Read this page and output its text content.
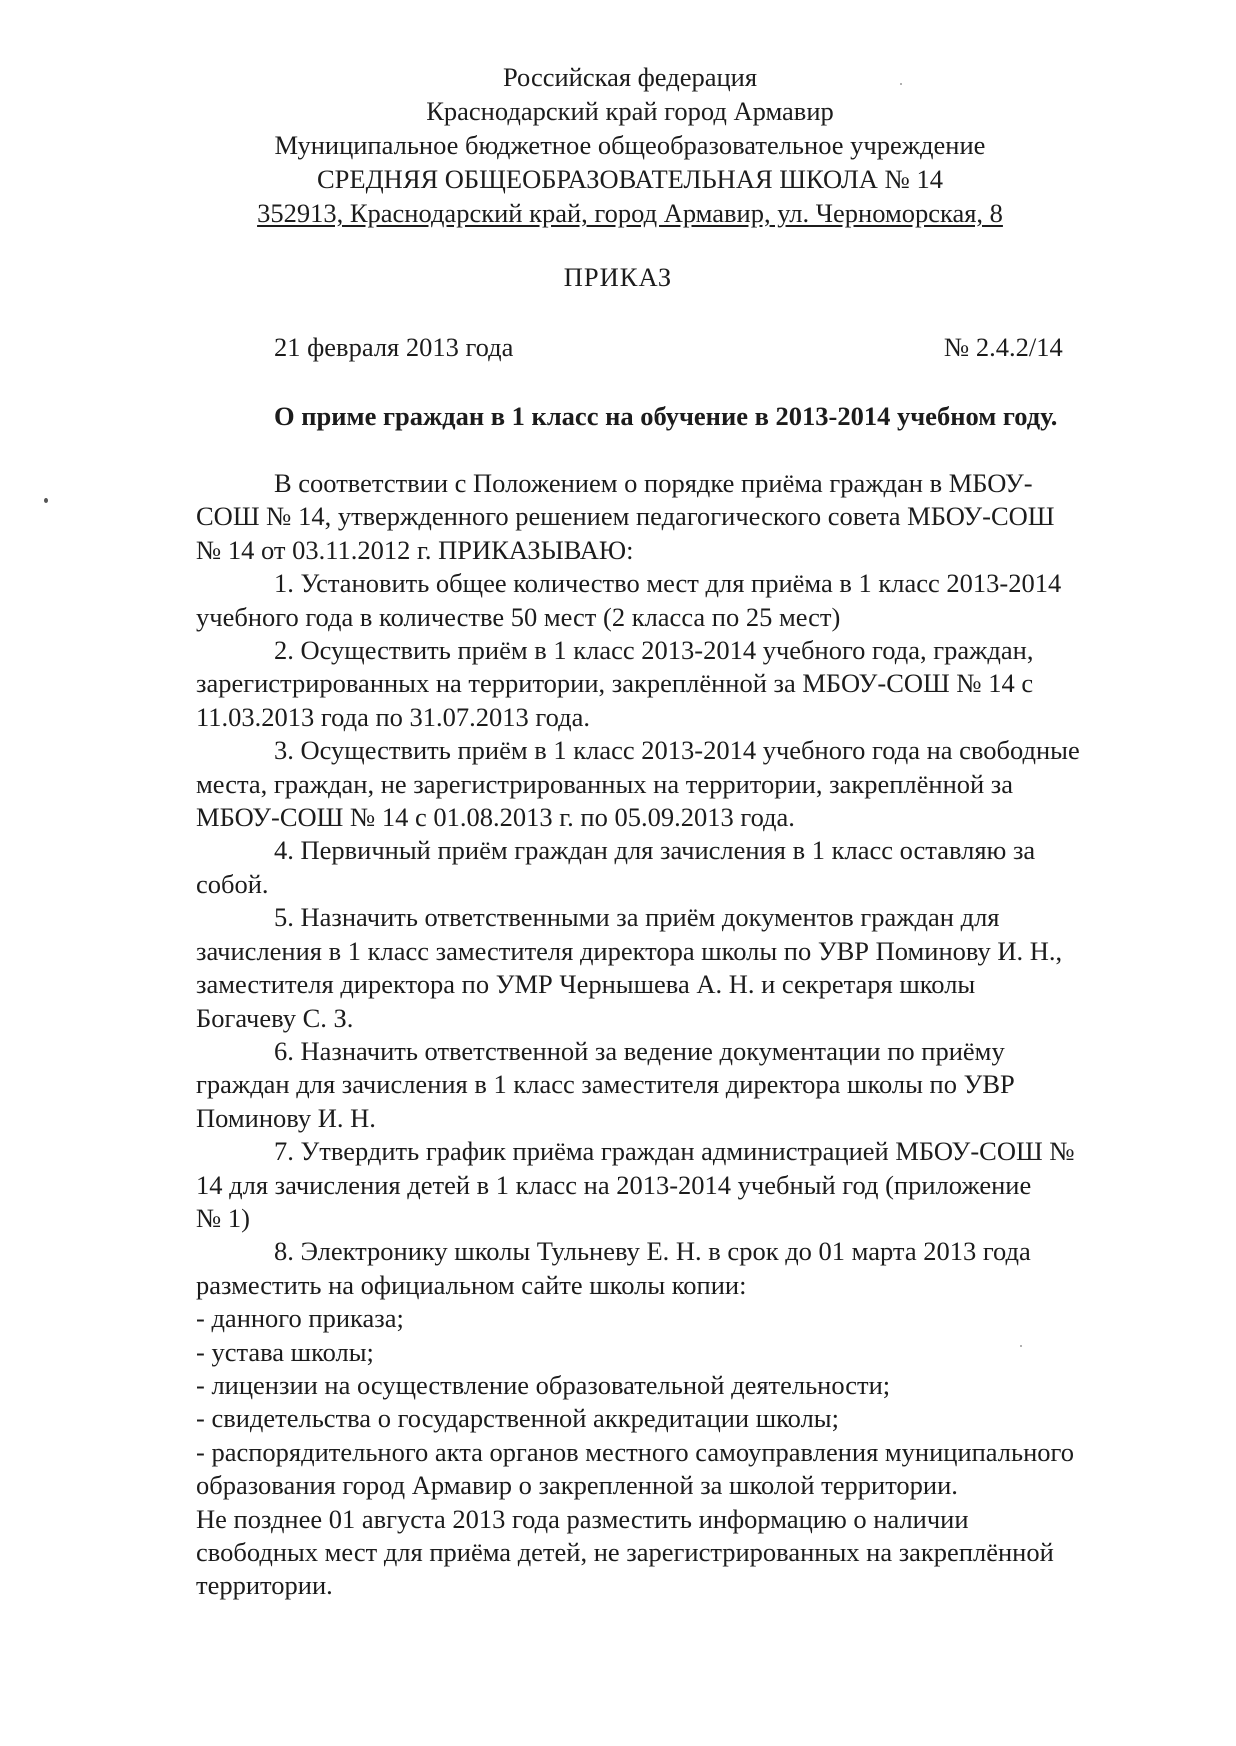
Российская федерация
Краснодарский край город Армавир
Муниципальное бюджетное общеобразовательное учреждение
СРЕДНЯЯ ОБЩЕОБРАЗОВАТЕЛЬНАЯ ШКОЛА № 14
352913, Краснодарский край, город Армавир, ул. Черноморская, 8
ПРИКАЗ
21 февраля 2013 года	№ 2.4.2/14
О приме граждан в 1 класс на обучение в 2013-2014 учебном году.
В соответствии с Положением о порядке приёма граждан в МБОУ-
СОШ № 14, утвержденного решением педагогического совета МБОУ-СОШ
№ 14 от 03.11.2012 г. ПРИКАЗЫВАЮ:
1. Установить общее количество мест для приёма в 1 класс 2013-2014
учебного года в количестве 50 мест (2 класса по 25 мест)
2. Осуществить приём в 1 класс 2013-2014 учебного года, граждан,
зарегистрированных на территории, закреплённой за МБОУ-СОШ № 14 с
11.03.2013 года по 31.07.2013 года.
3. Осуществить приём в 1 класс 2013-2014 учебного года на свободные
места, граждан, не зарегистрированных на территории, закреплённой за
МБОУ-СОШ № 14 с 01.08.2013 г. по 05.09.2013 года.
4. Первичный приём граждан для зачисления в 1 класс оставляю за
собой.
5. Назначить ответственными за приём документов граждан для
зачисления в 1 класс заместителя директора школы по УВР Поминову И. Н.,
заместителя директора по УМР Чернышева А. Н. и секретаря школы
Богачеву С. З.
6. Назначить ответственной за ведение документации по приёму
граждан для зачисления в 1 класс заместителя директора школы по УВР
Поминову И. Н.
7. Утвердить график приёма граждан администрацией МБОУ-СОШ №
14 для зачисления детей в 1 класс на 2013-2014 учебный год (приложение
№ 1)
8. Электронику школы Тульневу Е. Н. в срок до 01 марта 2013 года
разместить на официальном сайте школы копии:
- данного приказа;
- устава школы;
- лицензии на осуществление образовательной деятельности;
- свидетельства о государственной аккредитации школы;
- распорядительного акта органов местного самоуправления муниципального
образования город Армавир о закрепленной за школой территории.
Не позднее 01 августа 2013 года разместить информацию о наличии
свободных мест для приёма детей, не зарегистрированных на закреплённой
территории.
